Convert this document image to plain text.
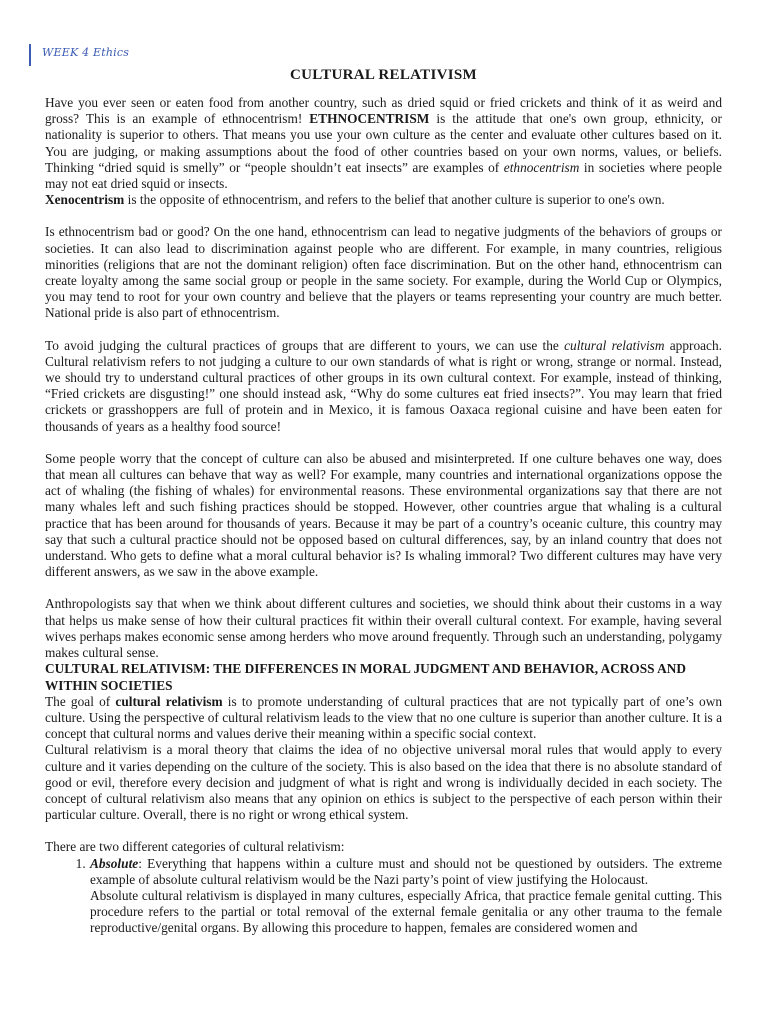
WEEK 4 Ethics
CULTURAL RELATIVISM

Have you ever seen or eaten food from another country, such as dried squid or fried crickets and think of it as weird and gross? This is an example of ethnocentrism! ETHNOCENTRISM is the attitude that one's own group, ethnicity, or nationality is superior to others. That means you use your own culture as the center and evaluate other cultures based on it. You are judging, or making assumptions about the food of other countries based on your own norms, values, or beliefs. Thinking “dried squid is smelly” or “people shouldn’t eat insects” are examples of ethnocentrism in societies where people may not eat dried squid or insects.

Xenocentrism is the opposite of ethnocentrism, and refers to the belief that another culture is superior to one's own.

Is ethnocentrism bad or good? On the one hand, ethnocentrism can lead to negative judgments of the behaviors of groups or societies. It can also lead to discrimination against people who are different. For example, in many countries, religious minorities (religions that are not the dominant religion) often face discrimination. But on the other hand, ethnocentrism can create loyalty among the same social group or people in the same society. For example, during the World Cup or Olympics, you may tend to root for your own country and believe that the players or teams representing your country are much better. National pride is also part of ethnocentrism.

To avoid judging the cultural practices of groups that are different to yours, we can use the cultural relativism approach. Cultural relativism refers to not judging a culture to our own standards of what is right or wrong, strange or normal. Instead, we should try to understand cultural practices of other groups in its own cultural context. For example, instead of thinking, “Fried crickets are disgusting!” one should instead ask, “Why do some cultures eat fried insects?”. You may learn that fried crickets or grasshoppers are full of protein and in Mexico, it is famous Oaxaca regional cuisine and have been eaten for thousands of years as a healthy food source!

Some people worry that the concept of culture can also be abused and misinterpreted. If one culture behaves one way, does that mean all cultures can behave that way as well? For example, many countries and international organizations oppose the act of whaling (the fishing of whales) for environmental reasons. These environmental organizations say that there are not many whales left and such fishing practices should be stopped. However, other countries argue that whaling is a cultural practice that has been around for thousands of years. Because it may be part of a country’s oceanic culture, this country may say that such a cultural practice should not be opposed based on cultural differences, say, by an inland country that does not understand. Who gets to define what a moral cultural behavior is? Is whaling immoral? Two different cultures may have very different answers, as we saw in the above example.

Anthropologists say that when we think about different cultures and societies, we should think about their customs in a way that helps us make sense of how their cultural practices fit within their overall cultural context. For example, having several wives perhaps makes economic sense among herders who move around frequently. Through such an understanding, polygamy makes cultural sense.

CULTURAL RELATIVISM: THE DIFFERENCES IN MORAL JUDGMENT AND BEHAVIOR, ACROSS AND WITHIN SOCIETIES

The goal of cultural relativism is to promote understanding of cultural practices that are not typically part of one’s own culture. Using the perspective of cultural relativism leads to the view that no one culture is superior than another culture. It is a concept that cultural norms and values derive their meaning within a specific social context.

Cultural relativism is a moral theory that claims the idea of no objective universal moral rules that would apply to every culture and it varies depending on the culture of the society. This is also based on the idea that there is no absolute standard of good or evil, therefore every decision and judgment of what is right and wrong is individually decided in each society. The concept of cultural relativism also means that any opinion on ethics is subject to the perspective of each person within their particular culture. Overall, there is no right or wrong ethical system.

There are two different categories of cultural relativism:

1. Absolute: Everything that happens within a culture must and should not be questioned by outsiders. The extreme example of absolute cultural relativism would be the Nazi party’s point of view justifying the Holocaust.
Absolute cultural relativism is displayed in many cultures, especially Africa, that practice female genital cutting. This procedure refers to the partial or total removal of the external female genitalia or any other trauma to the female reproductive/genital organs. By allowing this procedure to happen, females are considered women and
